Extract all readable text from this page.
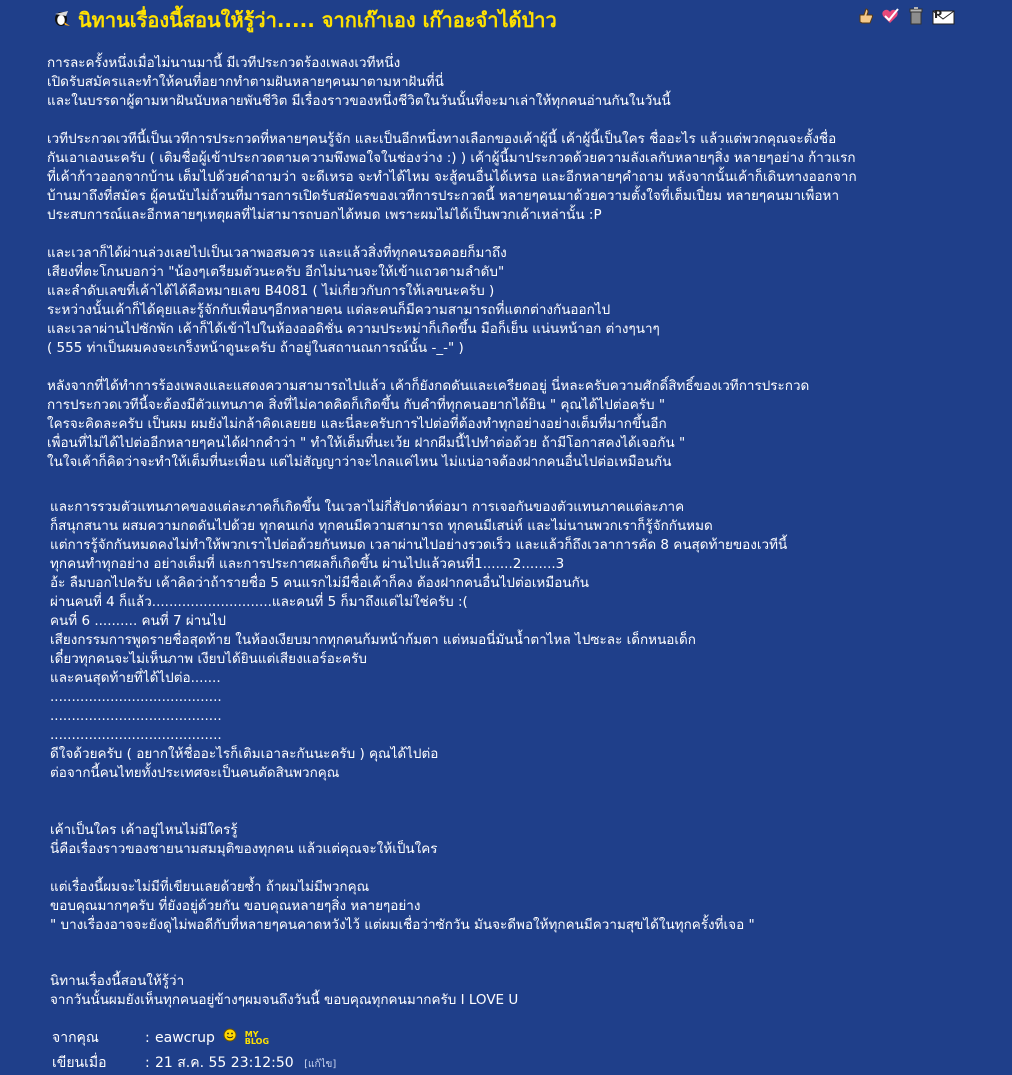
นิทานเรื่องนี้สอนให้รู้ว่า..... จากเก๊าเอง เก๊าอะจำได้ป่าว	P
การละครั้งหนึ่งเมื่อไม่นานมานี้ มีเวทีประกวดร้องเพลงเวทีหนึ่ง
เปิดรับสมัครและทำให้คนที่อยากทำตามฝันหลายๆคนมาตามหาฝันที่นี่
และในบรรดาผู้ตามหาฝันนับหลายพันชีวิต มีเรื่องราวของหนึ่งชีวิตในวันนั้นที่จะมาเล่าให้ทุกคนอ่านกันในวันนี้
เวทีประกวดเวทีนี้เป็นเวทีการประกวดที่หลายๆคนรู้จัก และเป็นอีกหนึ่งทางเลือกของเค้าผู้นี้ เค้าผู้นี้เป็นใคร ชื่ออะไร แล้วแต่พวกคุณจะตั้งชื่อ
กันเอาเองนะครับ ( เติมชื่อผู้เข้าประกวดตามความพึงพอใจในช่องว่าง :) ) เค้าผู้นี้มาประกวดด้วยความลังเลกับหลายๆสิ่ง หลายๆอย่าง ก้าวแรก
ที่เค้าก้าวออกจากบ้าน เต็มไปด้วยคำถามว่า จะดีเหรอ จะทำได้ไหม จะสู้คนอื่นได้เหรอ และอีกหลายๆคำถาม หลังจากนั้นเค้าก็เดินทางออกจาก
บ้านมาถึงที่สมัคร ผู้คนนับไม่ถ้วนที่มารอการเปิดรับสมัครของเวทีการประกวดนี้ หลายๆคนมาด้วยความตั้งใจที่เต็มเปี่ยม หลายๆคนมาเพื่อหา
ประสบการณ์และอีกหลายๆเหตุผลที่ไม่สามารถบอกได้หมด เพราะผมไม่ได้เป็นพวกเค้าเหล่านั้น :P
และเวลาก็ได้ผ่านล่วงเลยไปเป็นเวลาพอสมควร และแล้วสิ่งที่ทุกคนรอคอยก็มาถึง
เสียงที่ตะโกนบอกว่า "น้องๆเตรียมตัวนะครับ อีกไม่นานจะให้เข้าแถวตามลำดับ"
และลำดับเลขที่เค้าได้ได้คือหมายเลข B4081 ( ไม่เกี่ยวกับการให้เลขนะครับ )
ระหว่างนั้นเค้าก็ได้คุยและรู้จักกับเพื่อนๆอีกหลายคน แต่ละคนก็มีความสามารถที่แตกต่างกันออกไป
และเวลาผ่านไปซักพัก เค้าก็ได้เข้าไปในห้องออดิชั่น ความประหม่าก็เกิดขึ้น มือก็เย็น แน่นหน้าอก ต่างๆนาๆ
( 555 ท่าเป็นผมคงจะเกร็งหน้าดูนะครับ ถ้าอยู่ในสถานณการณ์นั้น -_-" )
หลังจากที่ได้ทำการร้องเพลงและแสดงความสามารถไปแล้ว เค้าก็ยังกดดันและเครียดอยู่ นี่หละครับความศักดิ์สิทธิ์ของเวทีการประกวด
การประกวดเวทีนี้จะต้องมีตัวแทนภาค สิ่งที่ไม่คาดคิดก็เกิดขึ้น กับคำที่ทุกคนอยากได้ยิน " คุณได้ไปต่อครับ "
ใครจะคิดละครับ เป็นผม ผมยังไม่กล้าคิดเลยยย และนี่ละครับการไปต่อที่ต้องทำทุกอย่างอย่างเต็มที่มากขึ้นอีก
เพื่อนที่ไม่ได้ไปต่ออีกหลายๆคนได้ฝากคำว่า " ทำให้เต็มที่นะเว้ย ฝากผีมนี้ไปทำต่อด้วย ถ้ามีโอกาสคงได้เจอกัน "
ในใจเค้าก็คิดว่าจะทำให้เต็มที่นะเพื่อน แต่ไม่สัญญาว่าจะไกลแค่ไหน ไม่แน่อาจต้องฝากคนอื่นไปต่อเหมือนกัน
และการรวมตัวแทนภาคของแต่ละภาคก็เกิดขึ้น ในเวลาไม่กี่สัปดาห์ต่อมา การเจอกันของตัวแทนภาคแต่ละภาค
ก็สนุกสนาน ผสมความกดดันไปด้วย ทุกคนเก่ง ทุกคนมีความสามารถ ทุกคนมีเสน่ห์ และไม่นานพวกเราก็รู้จักกันหมด
แต่การรู้จักกันหมดคงไม่ทำให้พวกเราไปต่อด้วยกันหมด เวลาผ่านไปอย่างรวดเร็ว และแล้วก็ถึงเวลาการคัด 8 คนสุดท้ายของเวทีนี้
ทุกคนทำทุกอย่าง อย่างเต็มที่ และการประกาศผลก็เกิดขึ้น ผ่านไปแล้วคนที่1.......2........3
อ้ะ ลืมบอกไปครับ เค้าคิดว่าถ้ารายชื่อ 5 คนแรกไม่มีชื่อเค้าก็คง ต้องฝากคนอื่นไปต่อเหมือนกัน
ผ่านคนที่ 4 ก็แล้ว............................และคนที่ 5 ก็มาถึงแต่ไม่ใช่ครับ :(
คนที่ 6 .......... คนที่ 7 ผ่านไป
เสียงกรรมการพูดรายชื่อสุดท้าย ในห้องเงียบมากทุกคนก้มหน้าก้มตา แต่หมอนี่มันน้ำตาไหล ไปซะละ เด็กหนอเด็ก
เดี๋ยวทุกคนจะไม่เห็นภาพ เงียบได้ยินแต่เสียงแอร์อะครับ
และคนสุดท้ายที่ได้ไปต่อ.......
........................................
........................................
........................................
ดีใจด้วยครับ ( อยากให้ชื่ออะไรก็เติมเอาละกันนะครับ ) คุณได้ไปต่อ
ต่อจากนี้คนไทยทั้งประเทศจะเป็นคนตัดสินพวกคุณ
เค้าเป็นใคร เค้าอยู่ไหนไม่มีใครรู้
นี่คือเรื่องราวของชายนามสมมุติของทุกคน แล้วแต่คุณจะให้เป็นใคร
แต่เรื่องนี้ผมจะไม่มีที่เขียนเลยด้วยซ้ำ ถ้าผมไม่มีพวกคุณ
ขอบคุณมากๆครับ ที่ยังอยู่ด้วยกัน ขอบคุณหลายๆสิ่ง หลายๆอย่าง
" บางเรื่องอาจจะยังดูไม่พอดีกับที่หลายๆคนคาดหวังไว้ แต่ผมเชื่อว่าซักวัน มันจะดีพอให้ทุกคนมีความสุขได้ในทุกครั้งที่เจอ "
นิทานเรื่องนี้สอนให้รู้ว่า
จากวันนั้นผมยังเห็นทุกคนอยู่ข้างๆผมจนถึงวันนี้ ขอบคุณทุกคนมากครับ I LOVE U
จากคุณ	: eawcrup	MY
BLOG
เขียนเมื่อ	: 21 ส.ค. 55 23:12:50 [แก้ไข]
